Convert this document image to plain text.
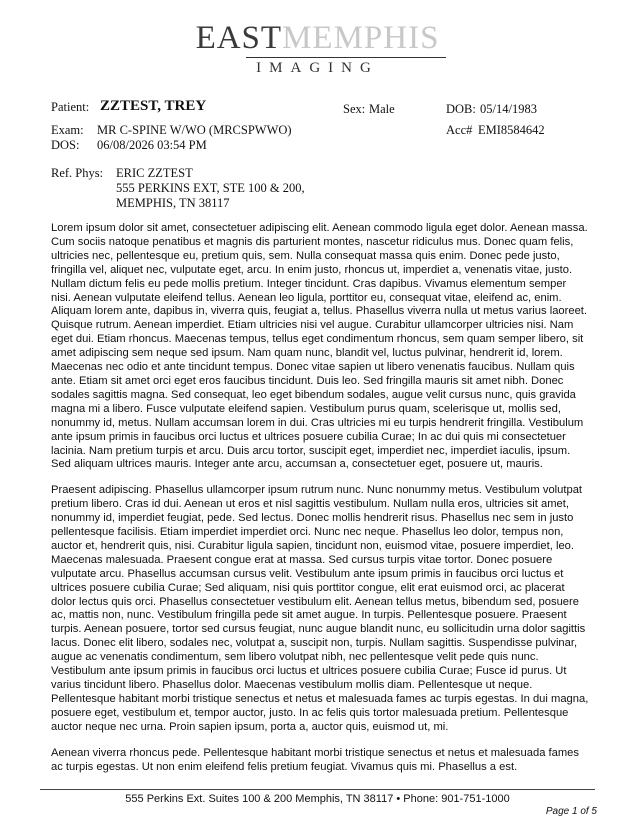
EASTMEMPHIS
IMAGING
Patient: ZZTEST, TREY	Sex: Male	DOB: 05/14/1983
Exam: MR C-SPINE W/WO (MRCSPWWO)	Acc# EMI8584642
DOS: 06/08/2026 03:54 PM
Ref. Phys: ERIC ZZTEST
555 PERKINS EXT, STE 100 & 200,
MEMPHIS, TN 38117

Lorem ipsum dolor sit amet, consectetuer adipiscing elit. Aenean commodo ligula eget dolor. Aenean massa. Cum sociis natoque penatibus et magnis dis parturient montes, nascetur ridiculus mus. Donec quam felis, ultricies nec, pellentesque eu, pretium quis, sem. Nulla consequat massa quis enim. Donec pede justo, fringilla vel, aliquet nec, vulputate eget, arcu. In enim justo, rhoncus ut, imperdiet a, venenatis vitae, justo. Nullam dictum felis eu pede mollis pretium. Integer tincidunt. Cras dapibus. Vivamus elementum semper nisi. Aenean vulputate eleifend tellus. Aenean leo ligula, porttitor eu, consequat vitae, eleifend ac, enim. Aliquam lorem ante, dapibus in, viverra quis, feugiat a, tellus. Phasellus viverra nulla ut metus varius laoreet. Quisque rutrum. Aenean imperdiet. Etiam ultricies nisi vel augue. Curabitur ullamcorper ultricies nisi. Nam eget dui. Etiam rhoncus. Maecenas tempus, tellus eget condimentum rhoncus, sem quam semper libero, sit amet adipiscing sem neque sed ipsum. Nam quam nunc, blandit vel, luctus pulvinar, hendrerit id, lorem. Maecenas nec odio et ante tincidunt tempus. Donec vitae sapien ut libero venenatis faucibus. Nullam quis ante. Etiam sit amet orci eget eros faucibus tincidunt. Duis leo. Sed fringilla mauris sit amet nibh. Donec sodales sagittis magna. Sed consequat, leo eget bibendum sodales, augue velit cursus nunc, quis gravida magna mi a libero. Fusce vulputate eleifend sapien. Vestibulum purus quam, scelerisque ut, mollis sed, nonummy id, metus. Nullam accumsan lorem in dui. Cras ultricies mi eu turpis hendrerit fringilla. Vestibulum ante ipsum primis in faucibus orci luctus et ultrices posuere cubilia Curae; In ac dui quis mi consectetuer lacinia. Nam pretium turpis et arcu. Duis arcu tortor, suscipit eget, imperdiet nec, imperdiet iaculis, ipsum. Sed aliquam ultrices mauris. Integer ante arcu, accumsan a, consectetuer eget, posuere ut, mauris.

Praesent adipiscing. Phasellus ullamcorper ipsum rutrum nunc. Nunc nonummy metus. Vestibulum volutpat pretium libero. Cras id dui. Aenean ut eros et nisl sagittis vestibulum. Nullam nulla eros, ultricies sit amet, nonummy id, imperdiet feugiat, pede. Sed lectus. Donec mollis hendrerit risus. Phasellus nec sem in justo pellentesque facilisis. Etiam imperdiet imperdiet orci. Nunc nec neque. Phasellus leo dolor, tempus non, auctor et, hendrerit quis, nisi. Curabitur ligula sapien, tincidunt non, euismod vitae, posuere imperdiet, leo. Maecenas malesuada. Praesent congue erat at massa. Sed cursus turpis vitae tortor. Donec posuere vulputate arcu. Phasellus accumsan cursus velit. Vestibulum ante ipsum primis in faucibus orci luctus et ultrices posuere cubilia Curae; Sed aliquam, nisi quis porttitor congue, elit erat euismod orci, ac placerat dolor lectus quis orci. Phasellus consectetuer vestibulum elit. Aenean tellus metus, bibendum sed, posuere ac, mattis non, nunc. Vestibulum fringilla pede sit amet augue. In turpis. Pellentesque posuere. Praesent turpis. Aenean posuere, tortor sed cursus feugiat, nunc augue blandit nunc, eu sollicitudin urna dolor sagittis lacus. Donec elit libero, sodales nec, volutpat a, suscipit non, turpis. Nullam sagittis. Suspendisse pulvinar, augue ac venenatis condimentum, sem libero volutpat nibh, nec pellentesque velit pede quis nunc. Vestibulum ante ipsum primis in faucibus orci luctus et ultrices posuere cubilia Curae; Fusce id purus. Ut varius tincidunt libero. Phasellus dolor. Maecenas vestibulum mollis diam. Pellentesque ut neque. Pellentesque habitant morbi tristique senectus et netus et malesuada fames ac turpis egestas. In dui magna, posuere eget, vestibulum et, tempor auctor, justo. In ac felis quis tortor malesuada pretium. Pellentesque auctor neque nec urna. Proin sapien ipsum, porta a, auctor quis, euismod ut, mi.

Aenean viverra rhoncus pede. Pellentesque habitant morbi tristique senectus et netus et malesuada fames ac turpis egestas. Ut non enim eleifend felis pretium feugiat. Vivamus quis mi. Phasellus a est.

555 Perkins Ext. Suites 100 & 200 Memphis, TN 38117 • Phone: 901-751-1000
Page 1 of 5
